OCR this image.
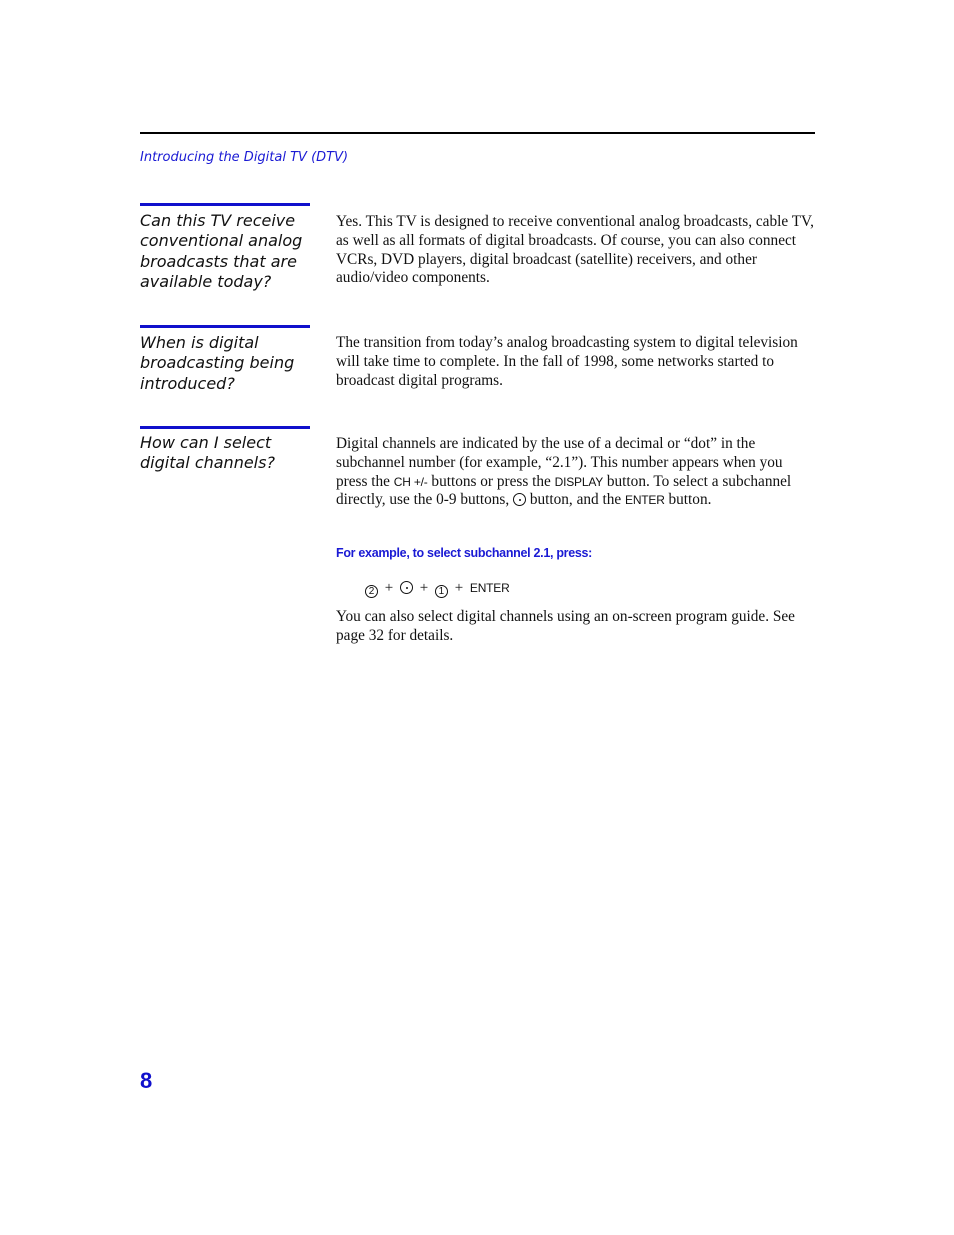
Introducing the Digital TV (DTV)
Can this TV receive conventional analog broadcasts that are available today?

Yes. This TV is designed to receive conventional analog broadcasts, cable TV, as well as all formats of digital broadcasts. Of course, you can also connect VCRs, DVD players, digital broadcast (satellite) receivers, and other audio/video components.

When is digital broadcasting being introduced?

The transition from today’s analog broadcasting system to digital television will take time to complete. In the fall of 1998, some networks started to broadcast digital programs.

How can I select digital channels?

Digital channels are indicated by the use of a decimal or “dot” in the subchannel number (for example, “2.1”). This number appears when you press the CH +/- buttons or press the DISPLAY button. To select a subchannel directly, use the 0-9 buttons,  button, and the ENTER button.

For example, to select subchannel 2.1, press:
2 + + 1 + ENTER

You can also select digital channels using an on-screen program guide. See page 32 for details.

8
